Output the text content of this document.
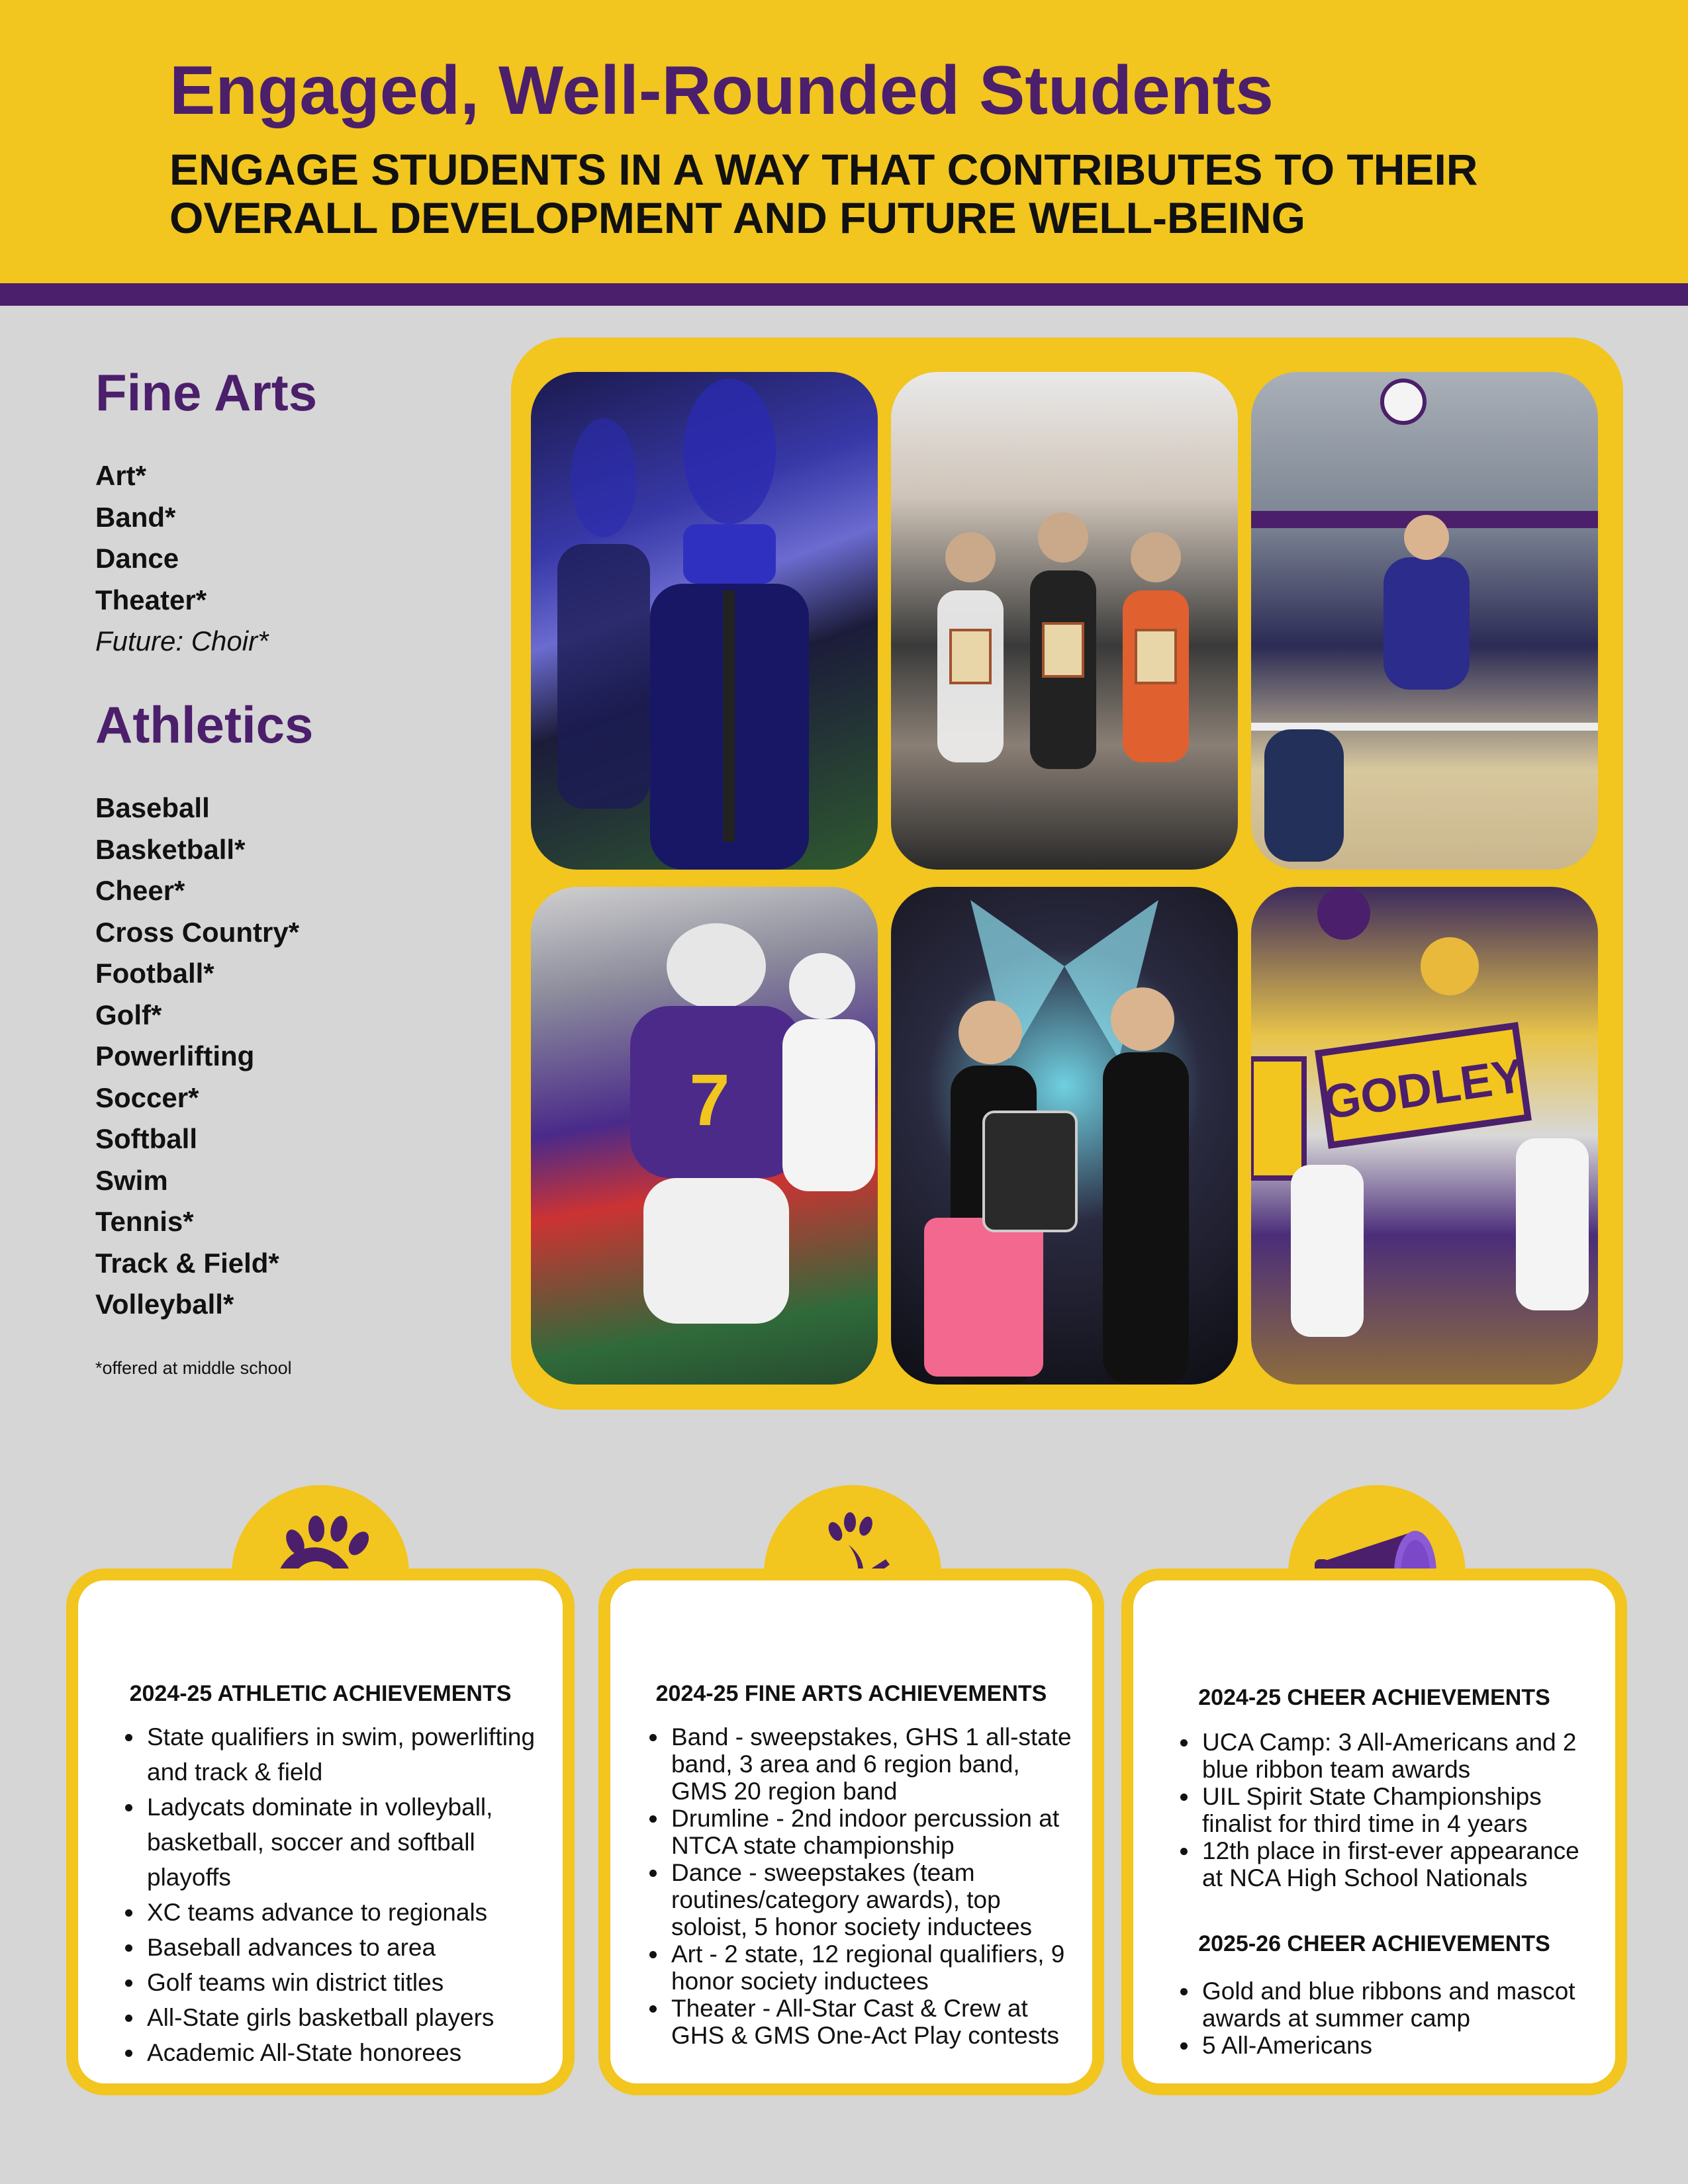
Engaged, Well-Rounded Students
ENGAGE STUDENTS IN A WAY THAT CONTRIBUTES TO THEIR OVERALL DEVELOPMENT AND FUTURE WELL-BEING
Fine Arts
Art*
Band*
Dance
Theater*
Future: Choir*
Athletics
Baseball
Basketball*
Cheer*
Cross Country*
Football*
Golf*
Powerlifting
Soccer*
Softball
Swim
Tennis*
Track & Field*
Volleyball*
*offered at middle school
7	GODLEY
2024-25 ATHLETIC ACHIEVEMENTS
• State qualifiers in swim, powerlifting and track & field
• Ladycats dominate in volleyball, basketball, soccer and softball playoffs
• XC teams advance to regionals
• Baseball advances to area
• Golf teams win district titles
• All-State girls basketball players
• Academic All-State honorees
2024-25 FINE ARTS ACHIEVEMENTS
• Band - sweepstakes, GHS 1 all-state band, 3 area and 6 region band, GMS 20 region band
• Drumline - 2nd indoor percussion at NTCA state championship
• Dance - sweepstakes (team routines/category awards), top soloist, 5 honor society inductees
• Art - 2 state, 12 regional qualifiers, 9 honor society inductees
• Theater - All-Star Cast & Crew at GHS & GMS One-Act Play contests
2024-25 CHEER ACHIEVEMENTS
• UCA Camp: 3 All-Americans and 2 blue ribbon team awards
• UIL Spirit State Championships finalist for third time in 4 years
• 12th place in first-ever appearance at NCA High School Nationals
2025-26 CHEER ACHIEVEMENTS
• Gold and blue ribbons and mascot awards at summer camp
• 5 All-Americans
